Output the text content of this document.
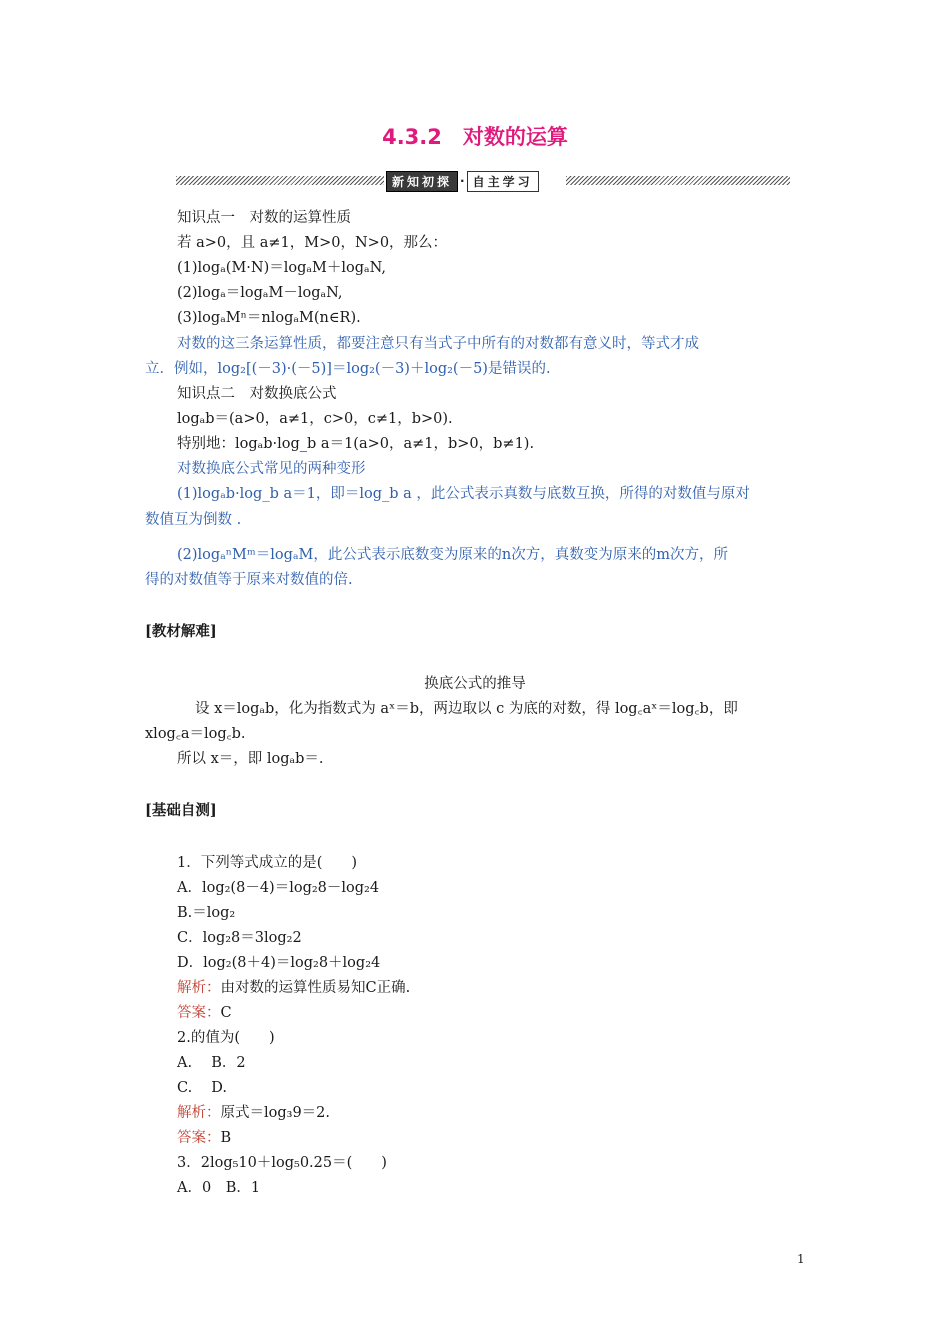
4.3.2　对数的运算
新知初探 · 自主学习
知识点一　对数的运算性质
若 a>0，且 a≠1，M>0，N>0，那么：
(1)logₐ(M·N)＝logₐM＋logₐN,
(2)logₐ＝logₐM－logₐN,
(3)logₐMⁿ＝nlogₐM(n∈R).
对数的这三条运算性质，都要注意只有当式子中所有的对数都有意义时，等式才成
立．例如，log₂[(－3)·(－5)]＝log₂(－3)＋log₂(－5)是错误的.
知识点二　对数换底公式
logₐb＝(a>0，a≠1，c>0，c≠1，b>0).
特别地：logₐb·log_b a＝1(a>0，a≠1，b>0，b≠1).
对数换底公式常见的两种变形
(1)logₐb·log_b a＝1，即＝log_b a ，此公式表示真数与底数互换，所得的对数值与原对
数值互为倒数 .
(2)logₐⁿMᵐ＝logₐM，此公式表示底数变为原来的n次方，真数变为原来的m次方，所
得的对数值等于原来对数值的倍.
[教材解难]
换底公式的推导
设 x＝logₐb，化为指数式为 aˣ＝b，两边取以 c 为底的对数，得 log꜀aˣ＝log꜀b，即
xlog꜀a＝log꜀b.
所以 x＝，即 logₐb＝.
[基础自测]
1．下列等式成立的是(　　)
A．log₂(8－4)＝log₂8－log₂4
B.＝log₂
C．log₂8＝3log₂2
D．log₂(8＋4)＝log₂8＋log₂4
解析：由对数的运算性质易知C正确.
答案：C
2.的值为(　　)
A.　 B．2
C.　 D.
解析：原式＝log₃9＝2.
答案：B
3．2log₅10＋log₅0.25＝(　　)
A．0　B．1
1
